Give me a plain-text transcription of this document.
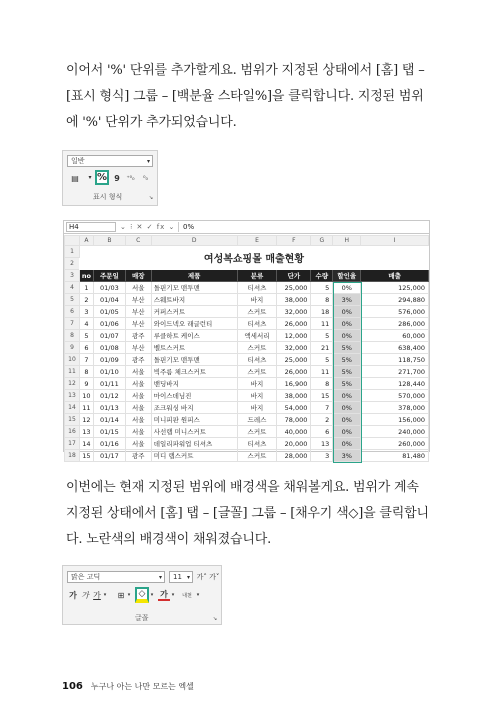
이어서 '%' 단위를 추가할게요. 범위가 지정된 상태에서 [홈] 탭 – [표시 형식] 그룹 – [백분율 스타일%]을 클릭합니다. 지정된 범위에 '%' 단위가 추가되었습니다.

일반	▾
▤	▾ % 9	⁺⁰₀	⁰₀
표시 형식	↘
H4	⌄ ⁝ ✕ ✓ fx ⌄	0%
	A	B	C	D	E	F	G	H	I
1	여성복쇼핑몰 매출현황								
2									
3	no	주문일	매장	제품	분류	단가	수량	할인율	매출
4	1	01/03	서울	돌핀기모 맨투맨	티셔츠	25,000	5	0%	125,000
5	2	01/04	부산	스웨트바지	바지	38,000	8	3%	294,880
6	3	01/05	부산	커퍼스커트	스커트	32,000	18	0%	576,000
7	4	01/06	부산	와이드넥오 래글런티	티셔츠	26,000	11	0%	286,000
8	5	01/07	광주	루클하트 케이스	액세서리	12,000	5	0%	60,000
9	6	01/08	부산	벨트스커트	스커트	32,000	21	5%	638,400
10	7	01/09	광주	돌핀기모 맨투맨	티셔츠	25,000	5	5%	118,750
11	8	01/10	서울	빅주름 체크스커트	스커트	26,000	11	5%	271,700
12	9	01/11	서울	밴딩바지	바지	16,900	8	5%	128,440
13	10	01/12	서울	마이스데님진	바지	38,000	15	0%	570,000
14	11	01/13	서울	조크워싱 바지	바지	54,000	7	0%	378,000
15	12	01/14	서울	미니피판 원피스	드레스	78,000	2	0%	156,000
16	13	01/15	서울	사선랩 미니스커트	스커트	40,000	6	0%	240,000
17	14	01/16	서울	데일리파워업 티셔츠	티셔츠	20,000	13	0%	260,000
18	15	01/17	광주	미디 랩스커트	스커트	28,000	3	3%	81,480

이번에는 현재 지정된 범위에 배경색을 채워볼게요. 범위가 계속 지정된 상태에서 [홈] 탭 – [글꼴] 그룹 – [채우기 색◇]을 클릭합니다. 노란색의 배경색이 채워졌습니다.

맑은 고딕	▾	11 ▾ 가˄ 가˅
가 가 가 ▾	⊞ ▾ ◇	▾ 가 ▾	내천 ▾
글꼴	↘
106 누구나 아는 나만 모르는 엑셀
